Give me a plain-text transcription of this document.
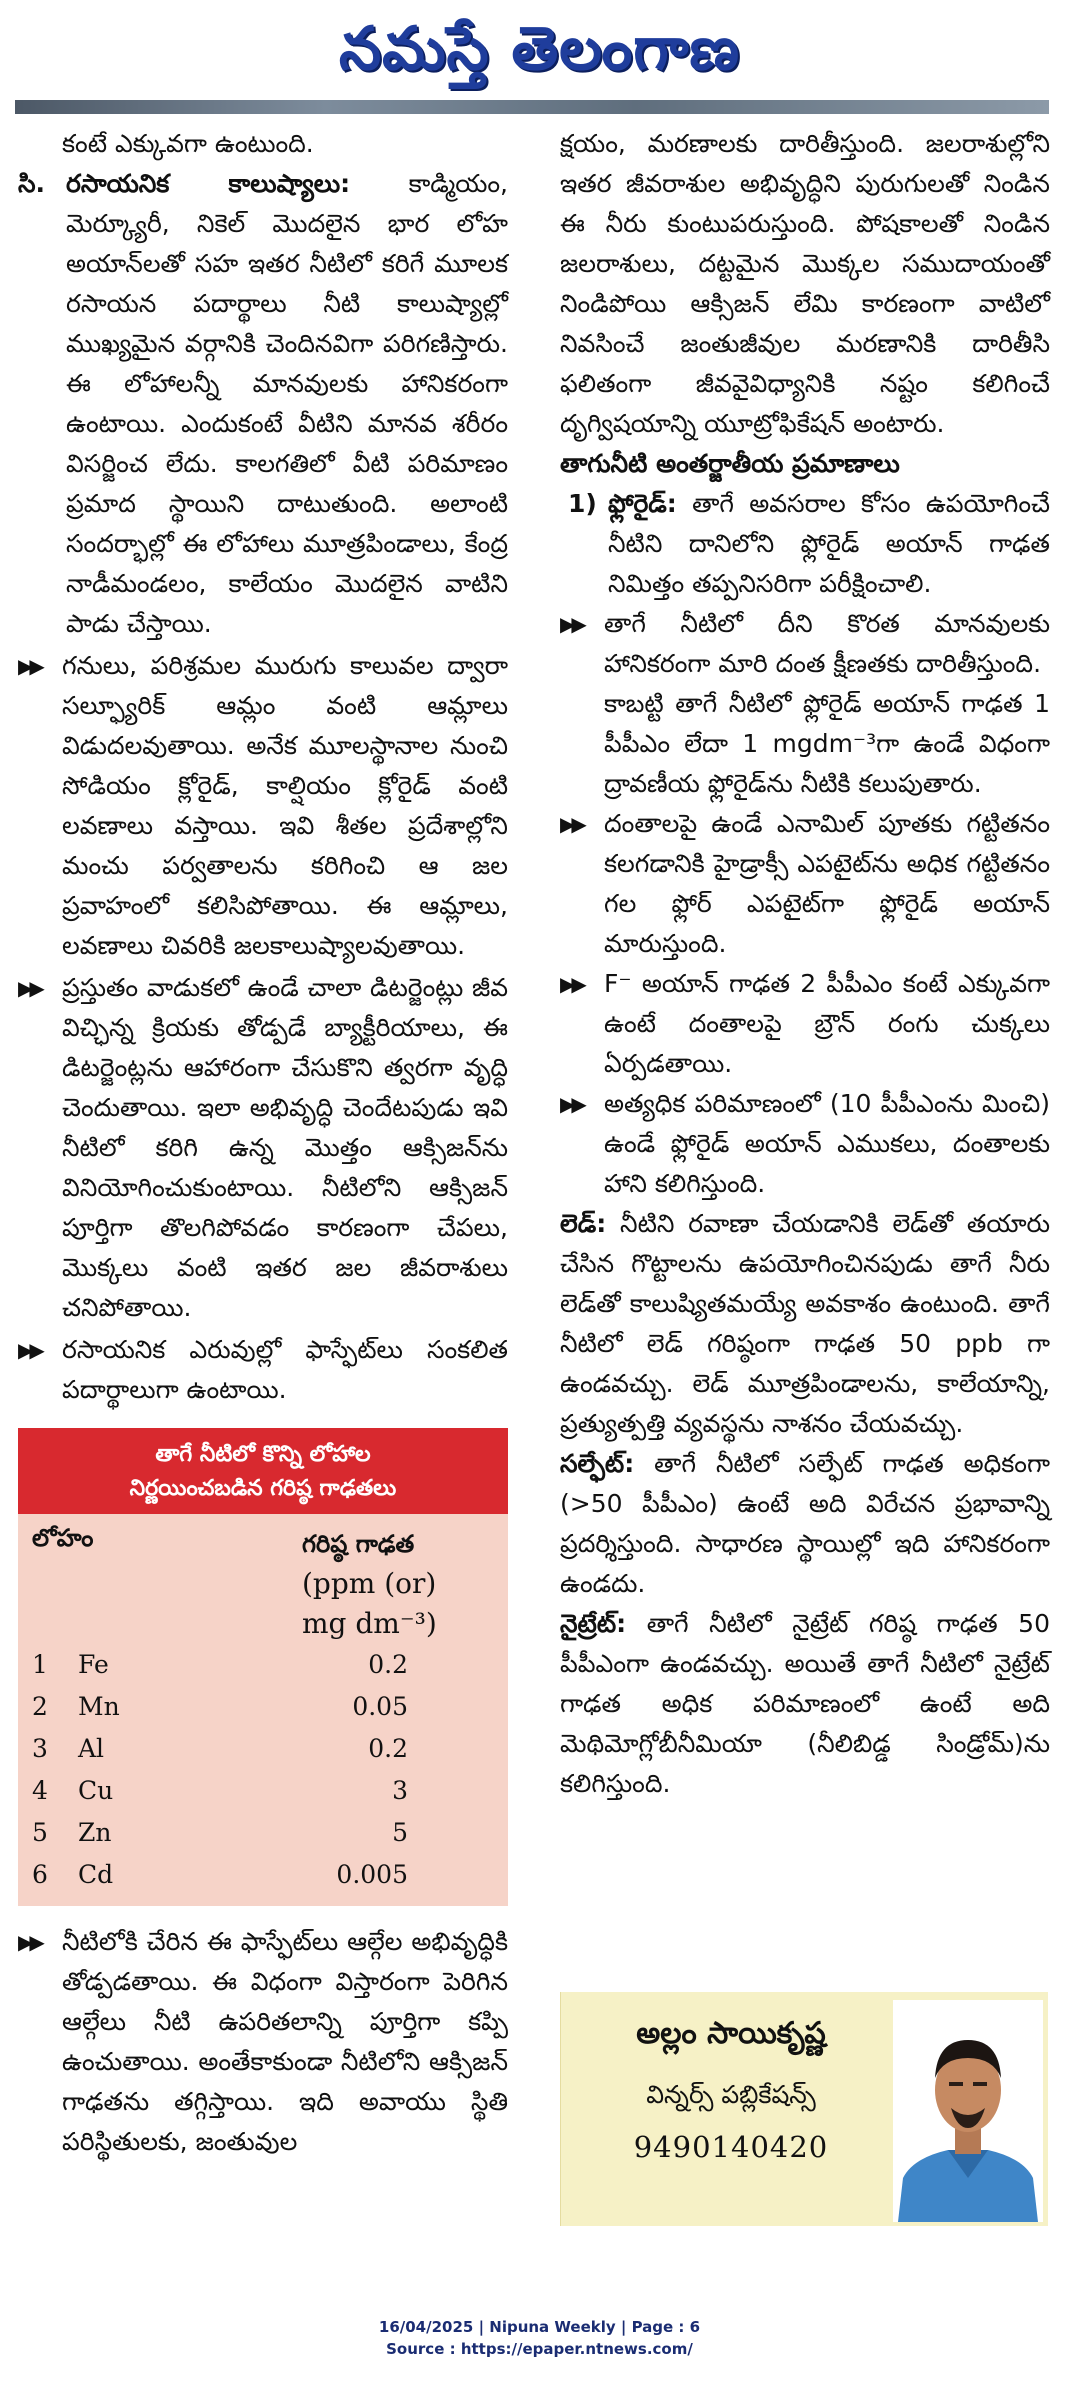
నమస్తే తెలంగాణ

కంటే ఎక్కువగా ఉంటుంది.

సి. రసాయనిక కాలుష్యాలు: కాడ్మియం, మెర్క్యూరీ, నికెల్ మొదలైన భార లోహ అయాన్‌లతో సహ ఇతర నీటిలో కరిగే మూలక రసాయన పదార్థాలు నీటి కాలుష్యాల్లో ముఖ్యమైన వర్గానికి చెందినవిగా పరిగణిస్తారు. ఈ లోహాలన్నీ మానవులకు హానికరంగా ఉంటాయి. ఎందుకంటే వీటిని మానవ శరీరం విసర్జించ లేదు. కాలగతిలో వీటి పరిమాణం ప్రమాద స్థాయిని దాటుతుంది. అలాంటి సందర్భాల్లో ఈ లోహాలు మూత్రపిండాలు, కేంద్ర నాడీమండలం, కాలేయం మొదలైన వాటిని పాడు చేస్తాయి.
▶▶ గనులు, పరిశ్రమల మురుగు కాలువల ద్వారా సల్ఫ్యూరిక్ ఆమ్లం వంటి ఆమ్లాలు విడుదలవుతాయి. అనేక మూలస్థానాల నుంచి సోడియం క్లోరైడ్, కాల్షియం క్లోరైడ్ వంటి లవణాలు వస్తాయి. ఇవి శీతల ప్రదేశాల్లోని మంచు పర్వతాలను కరిగించి ఆ జల ప్రవాహంలో కలిసిపోతాయి. ఈ ఆమ్లాలు, లవణాలు చివరికి జలకాలుష్యాలవుతాయి.
▶▶ ప్రస్తుతం వాడుకలో ఉండే చాలా డిటర్జెంట్లు జీవ విచ్ఛిన్న క్రియకు తోడ్పడే బ్యాక్టీరియాలు, ఈ డిటర్జెంట్లను ఆహారంగా చేసుకొని త్వరగా వృద్ధి చెందుతాయి. ఇలా అభివృద్ధి చెందేటపుడు ఇవి నీటిలో కరిగి ఉన్న మొత్తం ఆక్సిజన్‌ను వినియోగించుకుంటాయి. నీటిలోని ఆక్సిజన్ పూర్తిగా తొలగిపోవడం కారణంగా చేపలు, మొక్కలు వంటి ఇతర జల జీవరాశులు చనిపోతాయి.
▶▶ రసాయనిక ఎరువుల్లో ఫాస్ఫేట్‌లు సంకలిత పదార్థాలుగా ఉంటాయి.
తాగే నీటిలో కొన్ని లోహాల
నిర్ణయించబడిన గరిష్ఠ గాఢతలు
లోహం	గరిష్ఠ గాఢత
(ppm (or)
mg dm⁻³)
1	Fe	0.2
2	Mn	0.05
3	Al	0.2
4	Cu	3
5	Zn	5
6	Cd	0.005
▶▶ నీటిలోకి చేరిన ఈ ఫాస్ఫేట్‌లు ఆల్గేల అభివృద్ధికి తోడ్పడతాయి. ఈ విధంగా విస్తారంగా పెరిగిన ఆల్గేలు నీటి ఉపరితలాన్ని పూర్తిగా కప్పి ఉంచుతాయి. అంతేకాకుండా నీటిలోని ఆక్సిజన్ గాఢతను తగ్గిస్తాయి. ఇది అవాయు స్థితి పరిస్థితులకు, జంతువుల

క్షయం, మరణాలకు దారితీస్తుంది. జలరాశుల్లోని ఇతర జీవరాశుల అభివృద్ధిని పురుగులతో నిండిన ఈ నీరు కుంటుపరుస్తుంది. పోషకాలతో నిండిన జలరాశులు, దట్టమైన మొక్కల సముదాయంతో నిండిపోయి ఆక్సిజన్ లేమి కారణంగా వాటిలో నివసించే జంతుజీవుల మరణానికి దారితీసి ఫలితంగా జీవవైవిధ్యానికి నష్టం కలిగించే దృగ్విషయాన్ని యూట్రోఫికేషన్ అంటారు.

తాగునీటి అంతర్జాతీయ ప్రమాణాలు
1) ఫ్లోరైడ్: తాగే అవసరాల కోసం ఉపయోగించే నీటిని దానిలోని ఫ్లోరైడ్ అయాన్ గాఢత నిమిత్తం తప్పనిసరిగా పరీక్షించాలి.
▶▶ తాగే నీటిలో దీని కొరత మానవులకు హానికరంగా మారి దంత క్షీణతకు దారితీస్తుంది.

కాబట్టి తాగే నీటిలో ఫ్లోరైడ్ అయాన్ గాఢత 1 పీపీఎం లేదా 1 mgdm⁻³గా ఉండే విధంగా ద్రావణీయ ఫ్లోరైడ్‌ను నీటికి కలుపుతారు.

▶▶ దంతాలపై ఉండే ఎనామిల్ పూతకు గట్టితనం కలగడానికి హైడ్రాక్సీ ఎపటైట్‌ను అధిక గట్టితనం గల ఫ్లోర్ ఎపటైట్‌గా ఫ్లోరైడ్ అయాన్ మారుస్తుంది.
▶▶ F⁻ అయాన్ గాఢత 2 పీపీఎం కంటే ఎక్కువగా ఉంటే దంతాలపై బ్రౌన్ రంగు చుక్కలు ఏర్పడతాయి.
▶▶ అత్యధిక పరిమాణంలో (10 పీపీఎంను మించి) ఉండే ఫ్లోరైడ్ అయాన్ ఎముకలు, దంతాలకు హాని కలిగిస్తుంది.

లెడ్: నీటిని రవాణా చేయడానికి లెడ్‌తో తయారు చేసిన గొట్టాలను ఉపయోగించినపుడు తాగే నీరు లెడ్‌తో కాలుష్యితమయ్యే అవకాశం ఉంటుంది. తాగే నీటిలో లెడ్ గరిష్ఠంగా గాఢత 50 ppb గా ఉండవచ్చు. లెడ్ మూత్రపిండాలను, కాలేయాన్ని, ప్రత్యుత్పత్తి వ్యవస్థను నాశనం చేయవచ్చు.

సల్ఫేట్: తాగే నీటిలో సల్ఫేట్ గాఢత అధికంగా (>50 పీపీఎం) ఉంటే అది విరేచన ప్రభావాన్ని ప్రదర్శిస్తుంది. సాధారణ స్థాయిల్లో ఇది హానికరంగా ఉండదు.

నైట్రేట్: తాగే నీటిలో నైట్రేట్ గరిష్ఠ గాఢత 50 పీపీఎంగా ఉండవచ్చు. అయితే తాగే నీటిలో నైట్రేట్ గాఢత అధిక పరిమాణంలో ఉంటే అది మెథిమోగ్లోబీనీమియా (నీలిబిడ్డ సిండ్రోమ్)ను కలిగిస్తుంది.

అల్లం సాయికృష్ణ
విన్నర్స్ పబ్లికేషన్స్
9490140420
16/04/2025 | Nipuna Weekly | Page : 6
Source : https://epaper.ntnews.com/
